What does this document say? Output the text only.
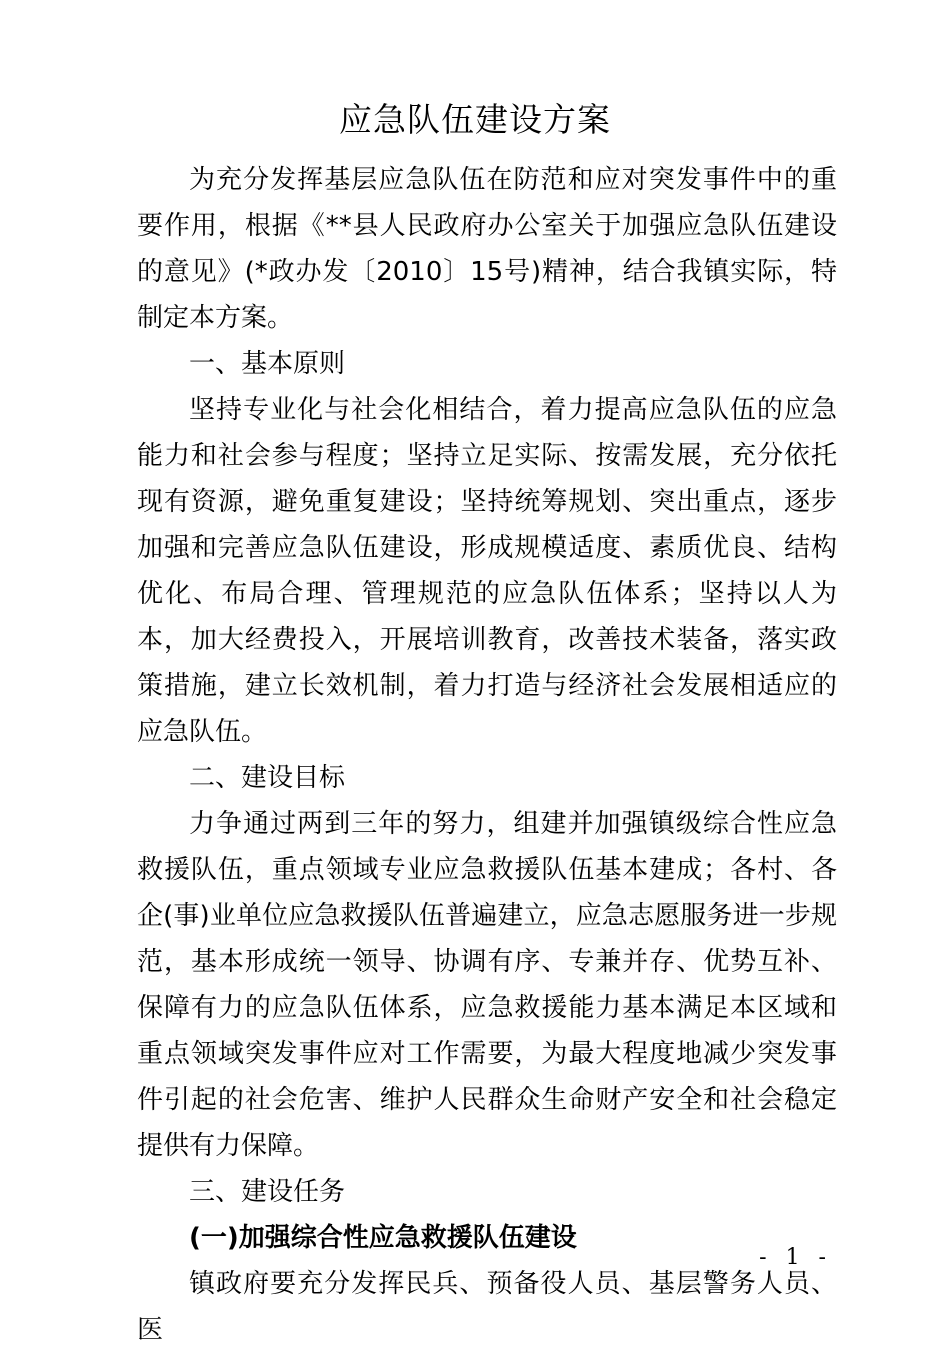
应急队伍建设方案

为充分发挥基层应急队伍在防范和应对突发事件中的重要作用，根据《**县人民政府办公室关于加强应急队伍建设的意见》(*政办发〔2010〕15号)精神，结合我镇实际，特制定本方案。

一、基本原则

坚持专业化与社会化相结合，着力提高应急队伍的应急能力和社会参与程度；坚持立足实际、按需发展，充分依托现有资源，避免重复建设；坚持统筹规划、突出重点，逐步加强和完善应急队伍建设，形成规模适度、素质优良、结构优化、布局合理、管理规范的应急队伍体系；坚持以人为本，加大经费投入，开展培训教育，改善技术装备，落实政策措施，建立长效机制，着力打造与经济社会发展相适应的应急队伍。

二、建设目标

力争通过两到三年的努力，组建并加强镇级综合性应急救援队伍，重点领域专业应急救援队伍基本建成；各村、各企(事)业单位应急救援队伍普遍建立，应急志愿服务进一步规范，基本形成统一领导、协调有序、专兼并存、优势互补、保障有力的应急队伍体系，应急救援能力基本满足本区域和重点领域突发事件应对工作需要，为最大程度地减少突发事件引起的社会危害、维护人民群众生命财产安全和社会稳定提供有力保障。

三、建设任务

(一)加强综合性应急救援队伍建设

镇政府要充分发挥民兵、预备役人员、基层警务人员、医

- 1 -
